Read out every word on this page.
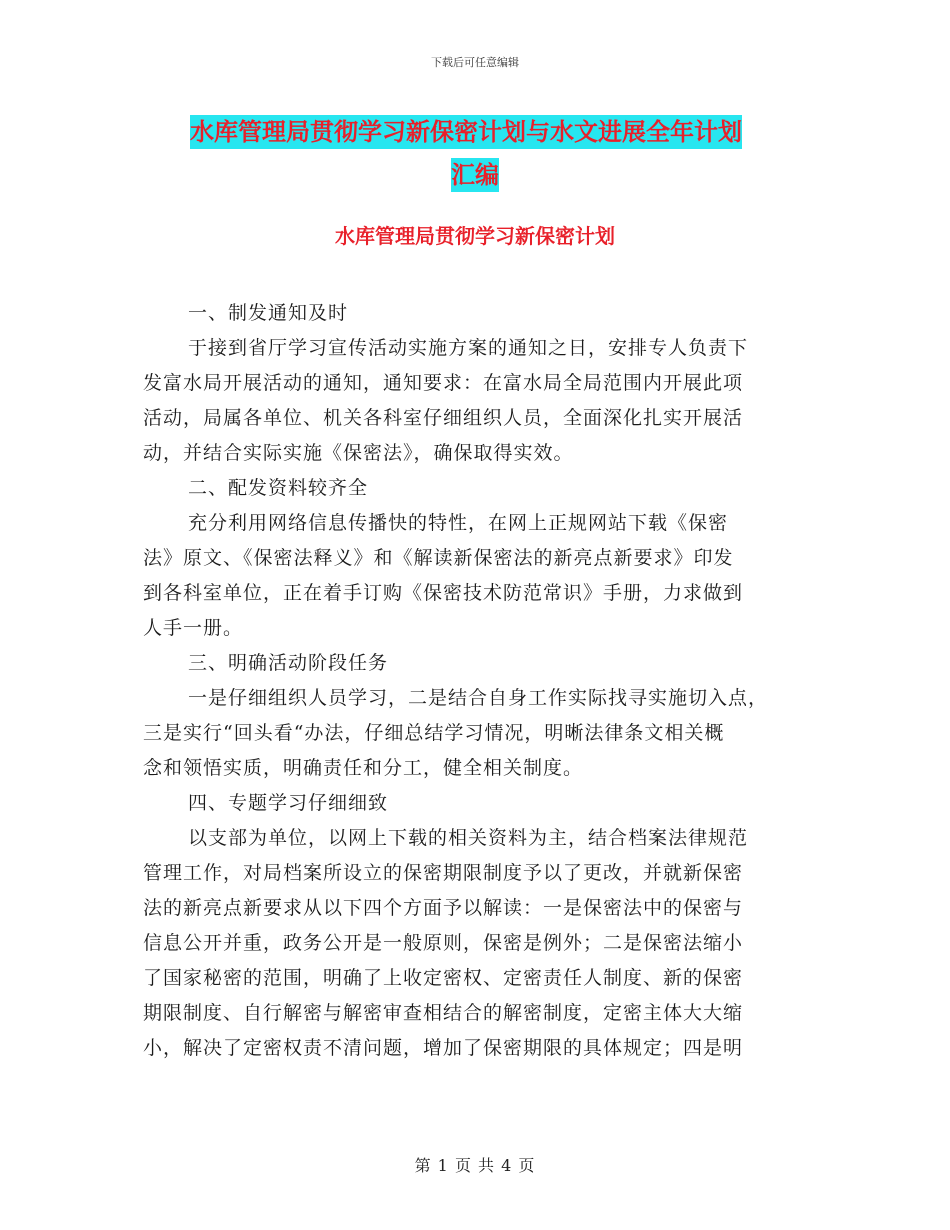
下载后可任意编辑
水库管理局贯彻学习新保密计划与水文进展全年计划
汇编
水库管理局贯彻学习新保密计划
一、制发通知及时
于接到省厅学习宣传活动实施方案的通知之日，安排专人负责下
发富水局开展活动的通知，通知要求：在富水局全局范围内开展此项
活动，局属各单位、机关各科室仔细组织人员，全面深化扎实开展活
动，并结合实际实施《保密法》，确保取得实效。
二、配发资料较齐全
充分利用网络信息传播快的特性，在网上正规网站下载《保密
法》原文、《保密法释义》和《解读新保密法的新亮点新要求》印发
到各科室单位，正在着手订购《保密技术防范常识》手册，力求做到
人手一册。
三、明确活动阶段任务
一是仔细组织人员学习，二是结合自身工作实际找寻实施切入点，
三是实行“回头看“办法，仔细总结学习情况，明晰法律条文相关概
念和领悟实质，明确责任和分工，健全相关制度。
四、专题学习仔细细致
以支部为单位，以网上下载的相关资料为主，结合档案法律规范
管理工作，对局档案所设立的保密期限制度予以了更改，并就新保密
法的新亮点新要求从以下四个方面予以解读：一是保密法中的保密与
信息公开并重，政务公开是一般原则，保密是例外；二是保密法缩小
了国家秘密的范围，明确了上收定密权、定密责任人制度、新的保密
期限制度、自行解密与解密审查相结合的解密制度，定密主体大大缩
小，解决了定密权责不清问题，增加了保密期限的具体规定；四是明
第 1 页 共 4 页
